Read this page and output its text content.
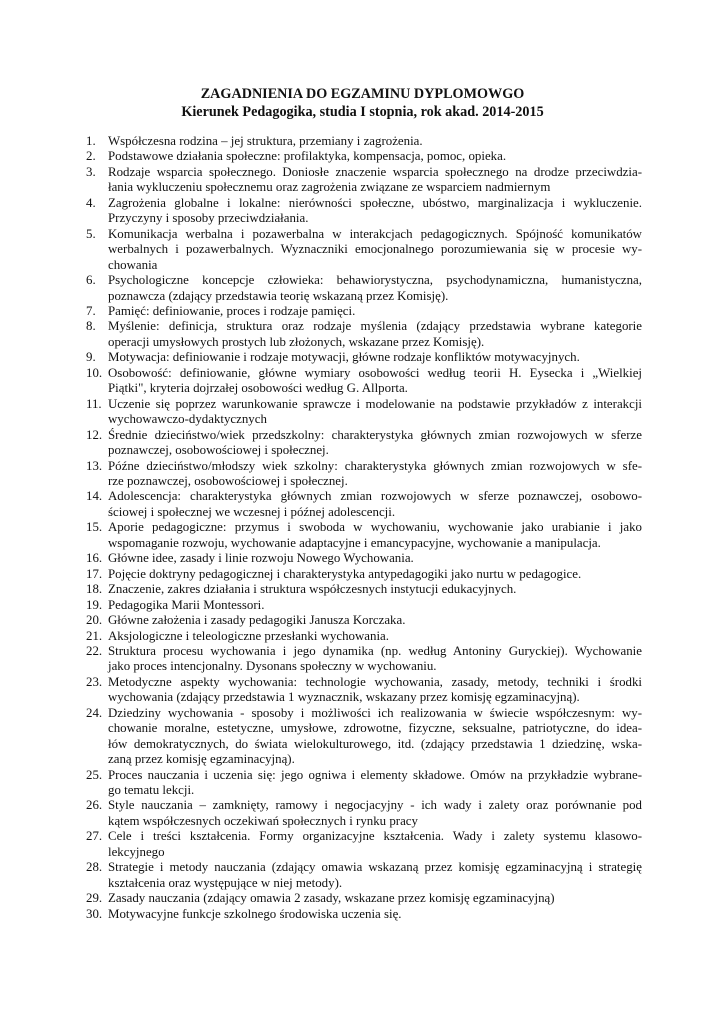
ZAGADNIENIA DO EGZAMINU DYPLOMOWGO
Kierunek Pedagogika, studia I stopnia, rok akad. 2014-2015
1. Współczesna rodzina – jej struktura, przemiany i zagrożenia.
2. Podstawowe działania społeczne: profilaktyka, kompensacja, pomoc, opieka.
3. Rodzaje wsparcia społecznego. Doniosłe znaczenie wsparcia społecznego na drodze przeciwdzia-
łania wykluczeniu społecznemu oraz zagrożenia związane ze wsparciem nadmiernym
4. Zagrożenia globalne i lokalne: nierówności społeczne, ubóstwo, marginalizacja i wykluczenie.
Przyczyny i sposoby przeciwdziałania.
5. Komunikacja werbalna i pozawerbalna w interakcjach pedagogicznych. Spójność komunikatów
werbalnych i pozawerbalnych. Wyznaczniki emocjonalnego porozumiewania się w procesie wy-
chowania
6. Psychologiczne koncepcje człowieka: behawiorystyczna, psychodynamiczna, humanistyczna,
poznawcza (zdający przedstawia teorię wskazaną przez Komisję).
7. Pamięć: definiowanie, proces i rodzaje pamięci.
8. Myślenie: definicja, struktura oraz rodzaje myślenia (zdający przedstawia wybrane kategorie
operacji umysłowych prostych lub złożonych, wskazane przez Komisję).
9. Motywacja: definiowanie i rodzaje motywacji, główne rodzaje konfliktów motywacyjnych.
10. Osobowość: definiowanie, główne wymiary osobowości według teorii H. Eysecka i „Wielkiej
Piątki", kryteria dojrzałej osobowości według G. Allporta.
11. Uczenie się poprzez warunkowanie sprawcze i modelowanie na podstawie przykładów z interakcji
wychowawczo-dydaktycznych
12. Średnie dzieciństwo/wiek przedszkolny: charakterystyka głównych zmian rozwojowych w sferze
poznawczej, osobowościowej i społecznej.
13. Późne dzieciństwo/młodszy wiek szkolny: charakterystyka głównych zmian rozwojowych w sfe-
rze poznawczej, osobowościowej i społecznej.
14. Adolescencja: charakterystyka głównych zmian rozwojowych w sferze poznawczej, osobowo-
ściowej i społecznej we wczesnej i późnej adolescencji.
15. Aporie pedagogiczne: przymus i swoboda w wychowaniu, wychowanie jako urabianie i jako
wspomaganie rozwoju, wychowanie adaptacyjne i emancypacyjne, wychowanie a manipulacja.
16. Główne idee, zasady i linie rozwoju Nowego Wychowania.
17. Pojęcie doktryny pedagogicznej i charakterystyka antypedagogiki jako nurtu w pedagogice.
18. Znaczenie, zakres działania i struktura współczesnych instytucji edukacyjnych.
19. Pedagogika Marii Montessori.
20. Główne założenia i zasady pedagogiki Janusza Korczaka.
21. Aksjologiczne i teleologiczne przesłanki wychowania.
22. Struktura procesu wychowania i jego dynamika (np. według Antoniny Guryckiej). Wychowanie
jako proces intencjonalny. Dysonans społeczny w wychowaniu.
23. Metodyczne aspekty wychowania: technologie wychowania, zasady, metody, techniki i środki
wychowania (zdający przedstawia 1 wyznacznik, wskazany przez komisję egzaminacyjną).
24. Dziedziny wychowania - sposoby i możliwości ich realizowania w świecie współczesnym: wy-
chowanie moralne, estetyczne, umysłowe, zdrowotne, fizyczne, seksualne, patriotyczne, do idea-
łów demokratycznych, do świata wielokulturowego, itd. (zdający przedstawia 1 dziedzinę, wska-
zaną przez komisję egzaminacyjną).
25. Proces nauczania i uczenia się: jego ogniwa i elementy składowe. Omów na przykładzie wybrane-
go tematu lekcji.
26. Style nauczania – zamknięty, ramowy i negocjacyjny - ich wady i zalety oraz porównanie pod
kątem współczesnych oczekiwań społecznych i rynku pracy
27. Cele i treści kształcenia. Formy organizacyjne kształcenia. Wady i zalety systemu klasowo-
lekcyjnego
28. Strategie i metody nauczania (zdający omawia wskazaną przez komisję egzaminacyjną i strategię
kształcenia oraz występujące w niej metody).
29. Zasady nauczania (zdający omawia 2 zasady, wskazane przez komisję egzaminacyjną)
30. Motywacyjne funkcje szkolnego środowiska uczenia się.
